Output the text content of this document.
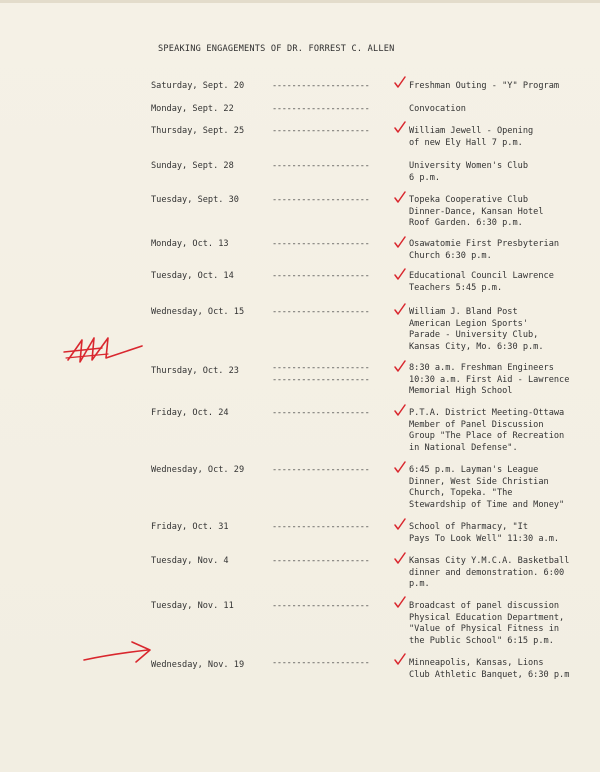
SPEAKING ENGAGEMENTS OF DR. FORREST C. ALLEN
Saturday, Sept. 20	--------------------	Freshman Outing - "Y" Program
Monday, Sept. 22	--------------------	Convocation
Thursday, Sept. 25	--------------------	William Jewell - Opening
of new Ely Hall 7 p.m.
Sunday, Sept. 28	--------------------	University Women's Club
6 p.m.
Tuesday, Sept. 30	--------------------	Topeka Cooperative Club
Dinner-Dance, Kansan Hotel
Roof Garden. 6:30 p.m.
Monday, Oct. 13	--------------------	Osawatomie First Presbyterian
Church 6:30 p.m.
Tuesday, Oct. 14	--------------------	Educational Council Lawrence
Teachers 5:45 p.m.
Wednesday, Oct. 15	--------------------	William J. Bland Post
American Legion Sports'
Parade - University Club,
Kansas City, Mo. 6:30 p.m.
Thursday, Oct. 23	--------------------
--------------------
8:30 a.m. Freshman Engineers
10:30 a.m. First Aid - Lawrence
Memorial High School
Friday, Oct. 24	--------------------	P.T.A. District Meeting-Ottawa
Member of Panel Discussion
Group "The Place of Recreation
in National Defense".
Wednesday, Oct. 29	--------------------	6:45 p.m. Layman's League
Dinner, West Side Christian
Church, Topeka. "The
Stewardship of Time and Money"
Friday, Oct. 31	--------------------	School of Pharmacy, "It
Pays To Look Well" 11:30 a.m.
Tuesday, Nov. 4	--------------------	Kansas City Y.M.C.A. Basketball
dinner and demonstration. 6:00
p.m.
Tuesday, Nov. 11	--------------------	Broadcast of panel discussion
Physical Education Department,
"Value of Physical Fitness in
the Public School" 6:15 p.m.
Wednesday, Nov. 19	--------------------	Minneapolis, Kansas, Lions
Club Athletic Banquet, 6:30 p.m
